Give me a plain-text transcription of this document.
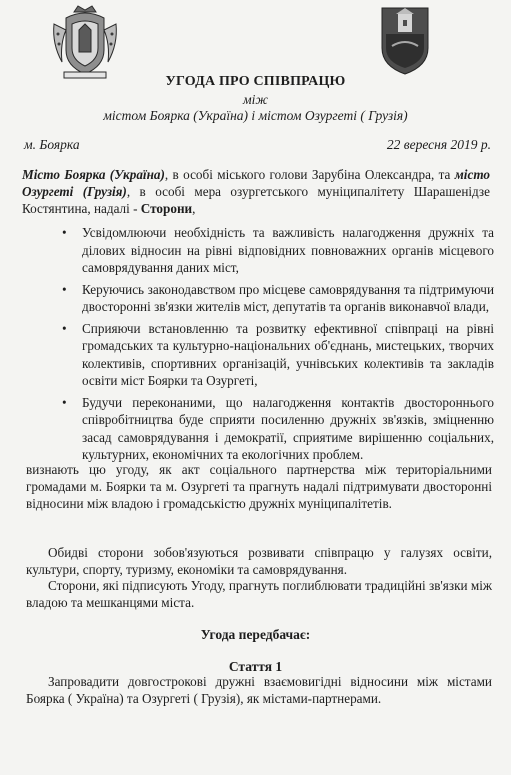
УГОДА ПРО СПІВПРАЦЮ
між
містом Боярка (Україна) і містом Озургеті ( Грузія)
м. Боярка	22 вересня 2019 р.

Місто Боярка (Україна), в особі міського голови Зарубіна Олександра, та місто Озургеті (Грузія), в особі мера озургетського муніципалітету Шарашенідзе Костянтина, надалі - Сторони,

• Усвідомлюючи необхідність та важливість налагодження дружніх та ділових відносин на рівні відповідних повноважних органів місцевого самоврядування даних міст,
• Керуючись законодавством про місцеве самоврядування та підтримуючи двосторонні зв'язки жителів міст, депутатів та органів виконавчої влади,
• Сприяючи встановленню та розвитку ефективної співпраці на рівні громадських та культурно-національних об'єднань, мистецьких, творчих колективів, спортивних організацій, учнівських колективів та закладів освіти міст Боярки та Озургеті,
• Будучи переконаними, що налагодження контактів двостороннього співробітництва буде сприяти посиленню дружніх зв'язків, зміцненню засад самоврядування і демократії, сприятиме вирішенню соціальних, культурних, економічних та екологічних проблем.

визнають цю угоду, як акт соціального партнерства між територіальними громадами м. Боярки та м. Озургеті та прагнуть надалі підтримувати двосторонні відносини між владою і громадськістю дружніх муніципалітетів.

Обидві сторони зобов'язуються розвивати співпрацю у галузях освіти, культури, спорту, туризму, економіки та самоврядування.

Сторони, які підписують Угоду, прагнуть поглиблювати традиційні зв'язки між владою та мешканцями міста.

Угода передбачає:
Стаття 1

Запровадити довгострокові дружні взаємовигідні відносини між містами Боярка ( Україна) та Озургеті ( Грузія), як містами-партнерами.
